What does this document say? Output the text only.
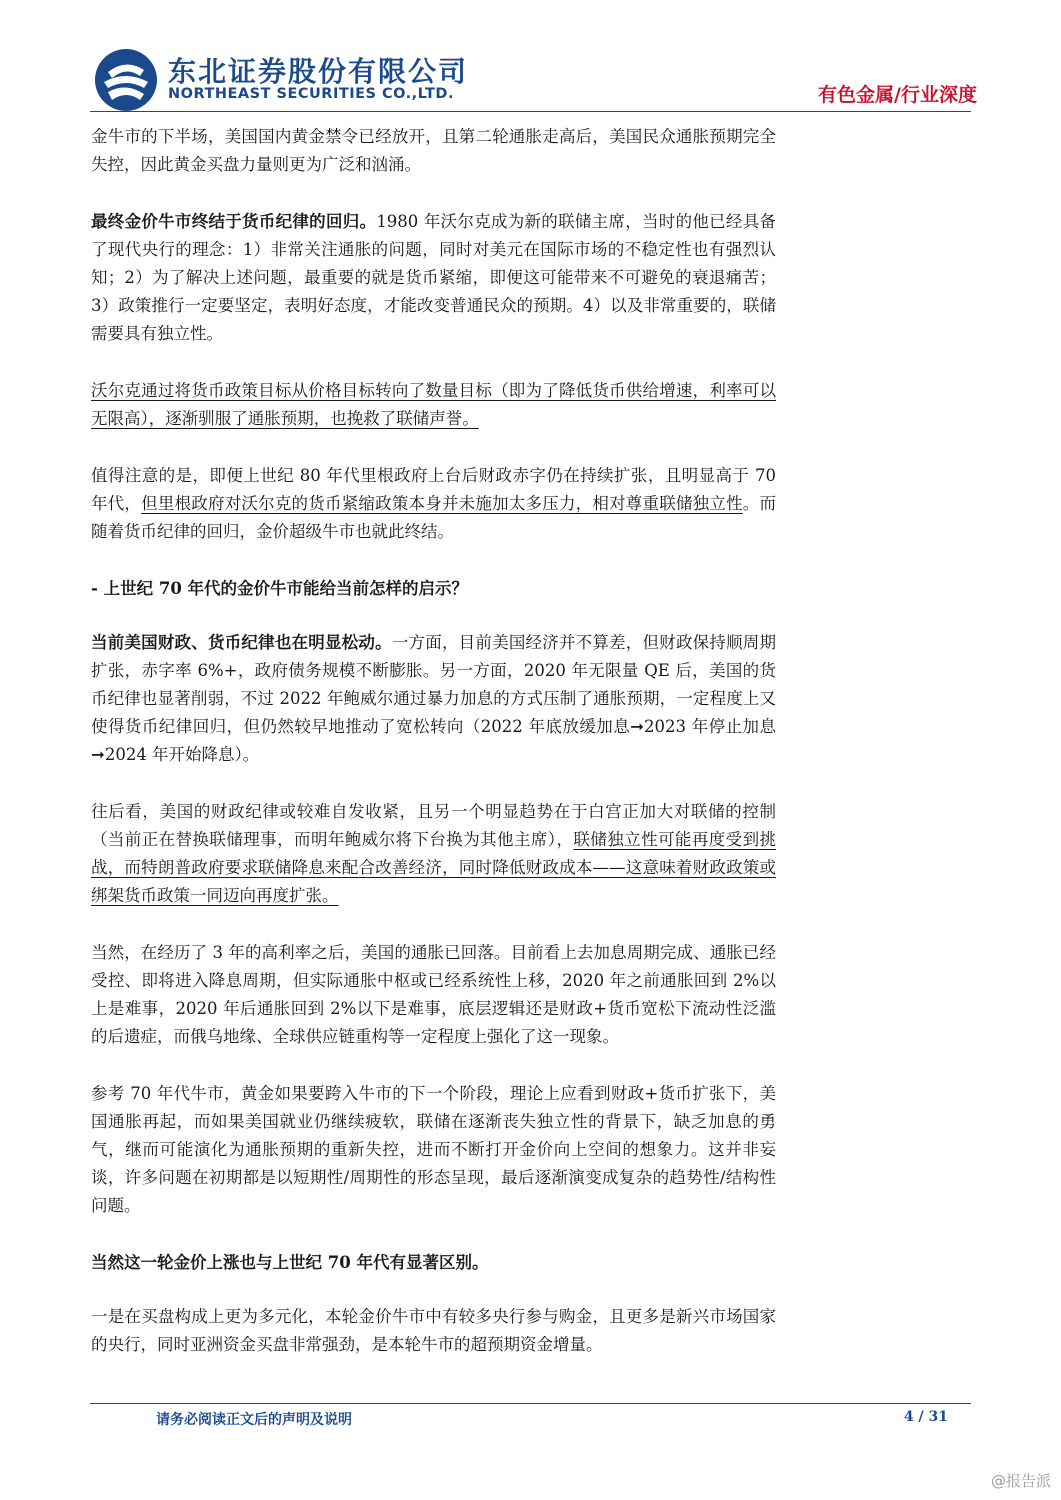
东北证券股份有限公司
NORTHEAST SECURITIES CO.,LTD.	有色金属/行业深度

金牛市的下半场，美国国内黄金禁令已经放开，且第二轮通胀走高后，美国民众通胀预期完全失控，因此黄金买盘力量则更为广泛和汹涌。

最终金价牛市终结于货币纪律的回归。1980 年沃尔克成为新的联储主席，当时的他已经具备了现代央行的理念：1）非常关注通胀的问题，同时对美元在国际市场的不稳定性也有强烈认知；2）为了解决上述问题，最重要的就是货币紧缩，即便这可能带来不可避免的衰退痛苦；3）政策推行一定要坚定，表明好态度，才能改变普通民众的预期。4）以及非常重要的，联储需要具有独立性。

沃尔克通过将货币政策目标从价格目标转向了数量目标（即为了降低货币供给增速，利率可以无限高），逐渐驯服了通胀预期，也挽救了联储声誉。

值得注意的是，即便上世纪 80 年代里根政府上台后财政赤字仍在持续扩张，且明显高于 70 年代，但里根政府对沃尔克的货币紧缩政策本身并未施加太多压力，相对尊重联储独立性。而随着货币纪律的回归，金价超级牛市也就此终结。

- 上世纪 70 年代的金价牛市能给当前怎样的启示？

当前美国财政、货币纪律也在明显松动。一方面，目前美国经济并不算差，但财政保持顺周期扩张，赤字率 6%+，政府债务规模不断膨胀。另一方面，2020 年无限量 QE 后，美国的货币纪律也显著削弱，不过 2022 年鲍威尔通过暴力加息的方式压制了通胀预期，一定程度上又使得货币纪律回归，但仍然较早地推动了宽松转向（2022 年底放缓加息➞2023 年停止加息➞2024 年开始降息）。

往后看，美国的财政纪律或较难自发收紧，且另一个明显趋势在于白宫正加大对联储的控制（当前正在替换联储理事，而明年鲍威尔将下台换为其他主席），联储独立性可能再度受到挑战，而特朗普政府要求联储降息来配合改善经济，同时降低财政成本——这意味着财政政策或绑架货币政策一同迈向再度扩张。

当然，在经历了 3 年的高利率之后，美国的通胀已回落。目前看上去加息周期完成、通胀已经受控、即将进入降息周期，但实际通胀中枢或已经系统性上移，2020 年之前通胀回到 2%以上是难事，2020 年后通胀回到 2%以下是难事，底层逻辑还是财政+货币宽松下流动性泛滥的后遗症，而俄乌地缘、全球供应链重构等一定程度上强化了这一现象。

参考 70 年代牛市，黄金如果要跨入牛市的下一个阶段，理论上应看到财政+货币扩张下，美国通胀再起，而如果美国就业仍继续疲软，联储在逐渐丧失独立性的背景下，缺乏加息的勇气，继而可能演化为通胀预期的重新失控，进而不断打开金价向上空间的想象力。这并非妄谈，许多问题在初期都是以短期性/周期性的形态呈现，最后逐渐演变成复杂的趋势性/结构性问题。

当然这一轮金价上涨也与上世纪 70 年代有显著区别。

一是在买盘构成上更为多元化，本轮金价牛市中有较多央行参与购金，且更多是新兴市场国家的央行，同时亚洲资金买盘非常强劲，是本轮牛市的超预期资金增量。

请务必阅读正文后的声明及说明	4 / 31
@报告派
